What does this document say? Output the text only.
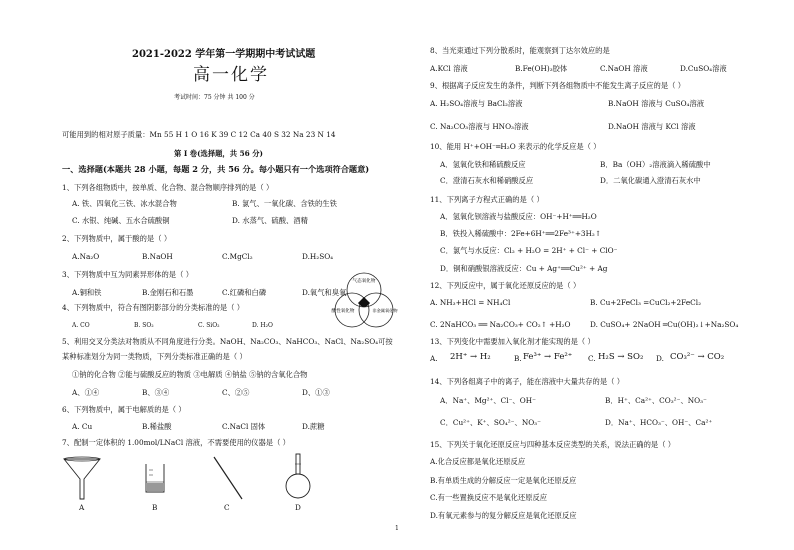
2021-2022 学年第一学期期中考试试题
高一化学
考试时间：75 分钟 共 100 分
可能用到的相对原子质量：Mn 55 H 1 O 16 K 39 C 12 Ca 40 S 32 Na 23 N 14
第 I 卷(选择题，共 56 分)
一、选择题(本题共 28 小题，每题 2 分，共 56 分。每小题只有一个选项符合题意)
1、下列各组物质中，按单质、化合物、混合物顺序排列的是（ ）
A. 铁、四氧化三铁、冰水混合物	B. 氯气、一氧化碳、含铁的生铁
C. 水银、纯碱、五水合硫酸铜	D. 水蒸气、硫酸、酒精
2、下列物质中，属于酸的是（ ）
A.Na₂O	B.NaOH	C.MgCl₂	D.H₂SO₄
3、下列物质中互为同素异形体的是（ ）
A.铜和铁	B.金刚石和石墨	C.红磷和白磷	D.氧气和臭氧
4、下列物质中，符合有图阴影部分的分类标准的是（ ）
A. CO	B. SO₂	C. SiO₂	D. H₂O
气态氧化物
酸性氧化物	非金属氧化物
5、利用交叉分类法对物质从不同角度进行分类。NaOH、Na₂CO₃、NaHCO₃、NaCl、Na₂SO₄可按
某种标准划分为同一类物质，下列分类标准正确的是（ ）
①钠的化合物 ②能与硫酸反应的物质 ③电解质 ④钠盐 ⑤钠的含氧化合物
A、①④	B、③④	C、②⑤	D、①③
6、下列物质中，属于电解质的是（ ）
A. Cu	B.稀盐酸	C.NaCl 固体	D.蔗糖
7、配制一定体积的 1.00mol/LNaCl 溶液，不需要使用的仪器是（ ）
A	B	C	D
8、当光束通过下列分散系时，能观察到丁达尔效应的是
A.KCl 溶液	B.Fe(OH)₃胶体	C.NaOH 溶液	D.CuSO₄溶液
9、根据离子反应发生的条件，判断下列各组物质中不能发生离子反应的是（ ）
A. H₂SO₄溶液与 BaCl₂溶液	B.NaOH 溶液与 CuSO₄溶液
C. Na₂CO₃溶液与 HNO₃溶液	D.NaOH 溶液与 KCl 溶液
10、能用 H⁺+OH⁻═H₂O 来表示的化学反应是（ ）
A．氢氧化铁和稀硫酸反应	B．Ba（OH）₂溶液滴入稀硫酸中
C．澄清石灰水和稀硝酸反应	D．二氧化碳通入澄清石灰水中
11、下列离子方程式正确的是（ ）
A．氢氧化钡溶液与盐酸反应：OH⁻+H⁺══H₂O
B．铁投入稀硫酸中：2Fe+6H⁺══2Fe³⁺+3H₂↑
C．氯气与水反应：Cl₂ + H₂O = 2H⁺ + Cl⁻ + ClO⁻
D．铜和硝酸银溶液反应：Cu + Ag⁺══Cu²⁺ + Ag
12、下列反应中，属于氧化还原反应的是（ ）
A. NH₃+HCl = NH₄Cl	B. Cu+2FeCl₃ =CuCl₂+2FeCl₂
C. 2NaHCO₃ ══ Na₂CO₃+ CO₂↑ +H₂O	D. CuSO₄+ 2NaOH ═Cu(OH)₂↓+Na₂SO₄
13、下列变化中需要加入氧化剂才能实现的是（ ）
A. 2H⁺ → H₂	B. Fe³⁺ → Fe²⁺ C. H₂S → SO₂ D. CO₃²⁻ → CO₂
14、下列各组离子中的离子，能在溶液中大量共存的是（ ）
A．Na⁺、Mg²⁺、Cl⁻、OH⁻	B．H⁺、Ca²⁺、CO₃²⁻、NO₃⁻
C．Cu²⁺、K⁺、SO₄²⁻、NO₃⁻	D．Na⁺、HCO₃⁻、OH⁻、Ca²⁺
15、下列关于氧化还原反应与四种基本反应类型的关系，说法正确的是（ ）
A.化合反应都是氧化还原反应
B.有单质生成的分解反应一定是氧化还原反应
C.有一些置换反应不是氧化还原反应
D.有氧元素参与的复分解反应是氧化还原反应
1
